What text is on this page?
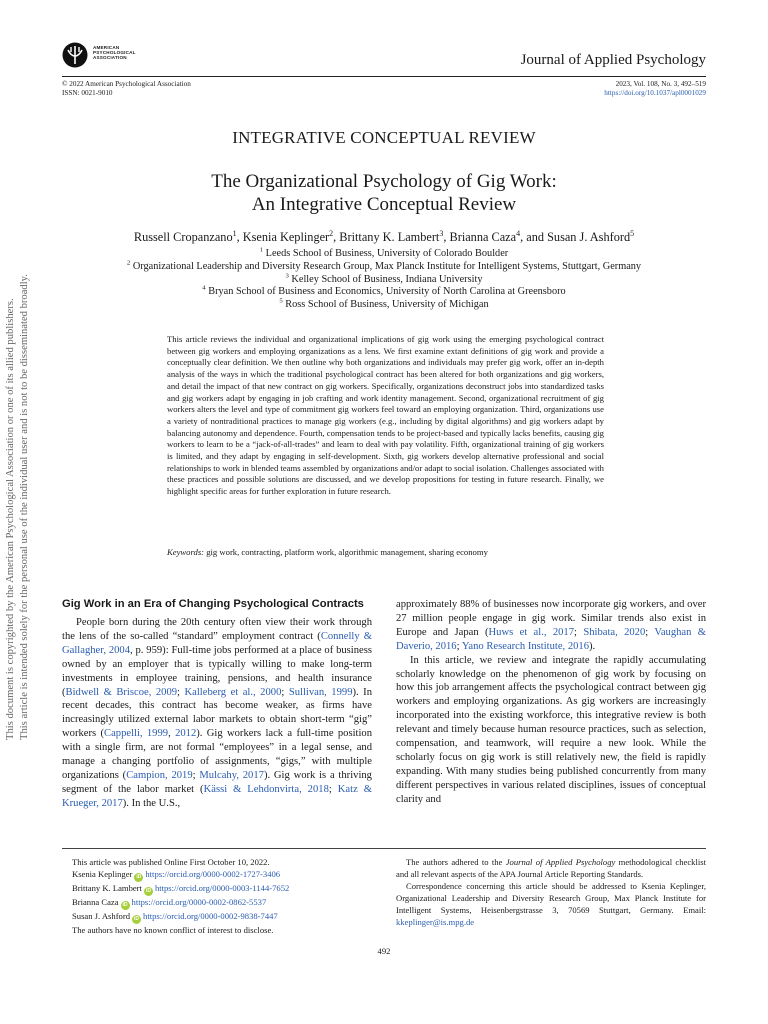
AMERICAN
PSYCHOLOGICAL
ASSOCIATION	Journal of Applied Psychology
© 2022 American Psychological Association
ISSN: 0021-9010
2023, Vol. 108, No. 3, 492–519
https://doi.org/10.1037/apl0001029
INTEGRATIVE CONCEPTUAL REVIEW
The Organizational Psychology of Gig Work:
An Integrative Conceptual Review
Russell Cropanzano$^1$, Ksenia Keplinger$^2$, Brittany K. Lambert$^3$, Brianna Caza$^4$, and Susan J. Ashford$^5$
$^1$ Leeds School of Business, University of Colorado Boulder
$^2$ Organizational Leadership and Diversity Research Group, Max Planck Institute for Intelligent Systems, Stuttgart, Germany
$^3$ Kelley School of Business, Indiana University
$^4$ Bryan School of Business and Economics, University of North Carolina at Greensboro
$^5$ Ross School of Business, University of Michigan
This article reviews the individual and organizational implications of gig work using the emerging psychological contract between gig workers and employing organizations as a lens. We first examine extant definitions of gig work and provide a conceptually clear definition. We then outline why both organizations and individuals may prefer gig work, offer an in-depth analysis of the ways in which the traditional psychological contract has been altered for both organizations and gig workers, and detail the impact of that new contract on gig workers. Specifically, organizations deconstruct jobs into standardized tasks and gig workers adapt by engaging in job crafting and work identity management. Second, organizational recruitment of gig workers alters the level and type of commitment gig workers feel toward an employing organization. Third, organizations use a variety of nontraditional practices to manage gig workers (e.g., including by digital algorithms) and gig workers adapt by balancing autonomy and dependence. Fourth, compensation tends to be project-based and typically lacks benefits, causing gig workers to learn to be a “jack-of-all-trades” and learn to deal with pay volatility. Fifth, organizational training of gig workers is limited, and they adapt by engaging in self-development. Sixth, gig workers develop alternative professional and social relationships to work in blended teams assembled by organizations and/or adapt to social isolation. Challenges associated with these practices and possible solutions are discussed, and we develop propositions for testing in future research. Finally, we highlight specific areas for further exploration in future research.
Keywords: gig work, contracting, platform work, algorithmic management, sharing economy
This document is copyrighted by the American Psychological Association or one of its allied publishers. This article is intended solely for the personal use of the individual user and is not to be disseminated broadly.	Gig Work in an Era of Changing Psychological Contracts

People born during the 20th century often view their work through the lens of the so-called “standard” employment contract (Connelly & Gallagher, 2004, p. 959): Full-time jobs performed at a place of business owned by an employer that is typically willing to make long-term investments in employee training, pensions, and health insurance (Bidwell & Briscoe, 2009; Kalleberg et al., 2000; Sullivan, 1999). In recent decades, this contract has become weaker, as firms have increasingly utilized external labor markets to obtain short-term “gig” workers (Cappelli, 1999, 2012). Gig workers lack a full-time position with a single firm, are not formal “employees” in a legal sense, and manage a changing portfolio of assignments, “gigs,” with multiple organizations (Campion, 2019; Mulcahy, 2017). Gig work is a thriving segment of the labor market (Kässi & Lehdonvirta, 2018; Katz & Krueger, 2017). In the U.S.,

approximately 88% of businesses now incorporate gig workers, and over 27 million people engage in gig work. Similar trends also exist in Europe and Japan (Huws et al., 2017; Shibata, 2020; Vaughan & Daverio, 2016; Yano Research Institute, 2016).

In this article, we review and integrate the rapidly accumulating scholarly knowledge on the phenomenon of gig work by focusing on how this job arrangement affects the psychological contract between gig workers and employing organizations. As gig workers are increasingly incorporated into the existing workforce, this integrative review is both relevant and timely because human resource practices, such as selection, compensation, and teamwork, will require a new look. While the scholarly focus on gig work is still relatively new, the field is rapidly expanding. With many studies being published concurrently from many different perspectives in various related disciplines, issues of conceptual clarity and

This article was published Online First October 10, 2022.
Ksenia Keplinger iD https://orcid.org/0000-0002-1727-3406
Brittany K. Lambert iD https://orcid.org/0000-0003-1144-7652
Brianna Caza iD https://orcid.org/0000-0002-0862-5537
Susan J. Ashford iD https://orcid.org/0000-0002-9838-7447
The authors have no known conflict of interest to disclose.

The authors adhered to the Journal of Applied Psychology methodological checklist and all relevant aspects of the APA Journal Article Reporting Standards.

Correspondence concerning this article should be addressed to Ksenia Keplinger, Organizational Leadership and Diversity Research Group, Max Planck Institute for Intelligent Systems, Heisenbergstrasse 3, 70569 Stuttgart, Germany. Email: kkeplinger@is.mpg.de

492
